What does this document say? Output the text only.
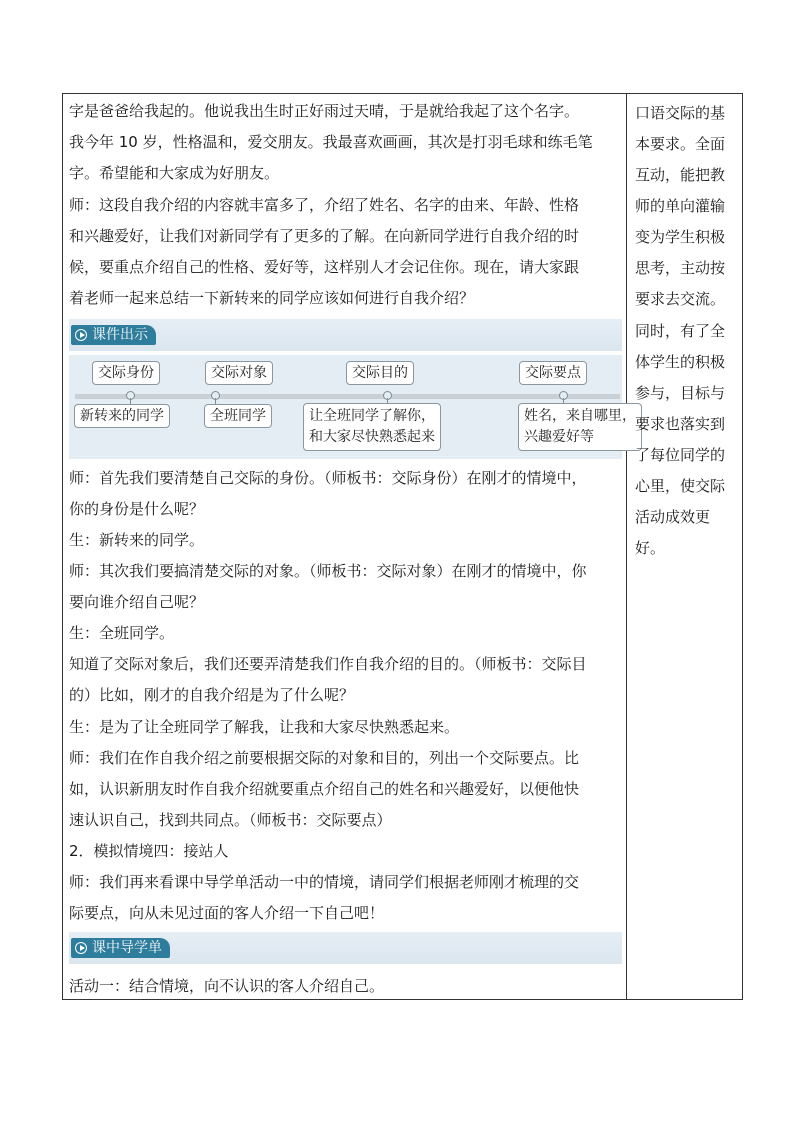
字是爸爸给我起的。他说我出生时正好雨过天晴，于是就给我起了这个名字。
我今年 10 岁，性格温和，爱交朋友。我最喜欢画画，其次是打羽毛球和练毛笔
字。希望能和大家成为好朋友。
师：这段自我介绍的内容就丰富多了，介绍了姓名、名字的由来、年龄、性格
和兴趣爱好，让我们对新同学有了更多的了解。在向新同学进行自我介绍的时
候，要重点介绍自己的性格、爱好等，这样别人才会记住你。现在，请大家跟
着老师一起来总结一下新转来的同学应该如何进行自我介绍？
课件出示
交际身份	交际对象	交际目的	交际要点
新转来的同学	全班同学	让全班同学了解你，
和大家尽快熟悉起来
姓名，来自哪里，
兴趣爱好等
师：首先我们要清楚自己交际的身份。（师板书：交际身份）在刚才的情境中，
你的身份是什么呢？
生：新转来的同学。
师：其次我们要搞清楚交际的对象。（师板书：交际对象）在刚才的情境中，你
要向谁介绍自己呢？
生：全班同学。
知道了交际对象后，我们还要弄清楚我们作自我介绍的目的。（师板书：交际目
的）比如，刚才的自我介绍是为了什么呢？
生：是为了让全班同学了解我，让我和大家尽快熟悉起来。
师：我们在作自我介绍之前要根据交际的对象和目的，列出一个交际要点。比
如，认识新朋友时作自我介绍就要重点介绍自己的姓名和兴趣爱好，以便他快
速认识自己，找到共同点。（师板书：交际要点）
2．模拟情境四：接站人
师：我们再来看课中导学单活动一中的情境，请同学们根据老师刚才梳理的交
际要点，向从未见过面的客人介绍一下自己吧！
课中导学单
活动一：结合情境，向不认识的客人介绍自己。
口语交际的基
本要求。全面
互动，能把教
师的单向灌输
变为学生积极
思考，主动按
要求去交流。
同时，有了全
体学生的积极
参与，目标与
要求也落实到
了每位同学的
心里，使交际
活动成效更
好。
